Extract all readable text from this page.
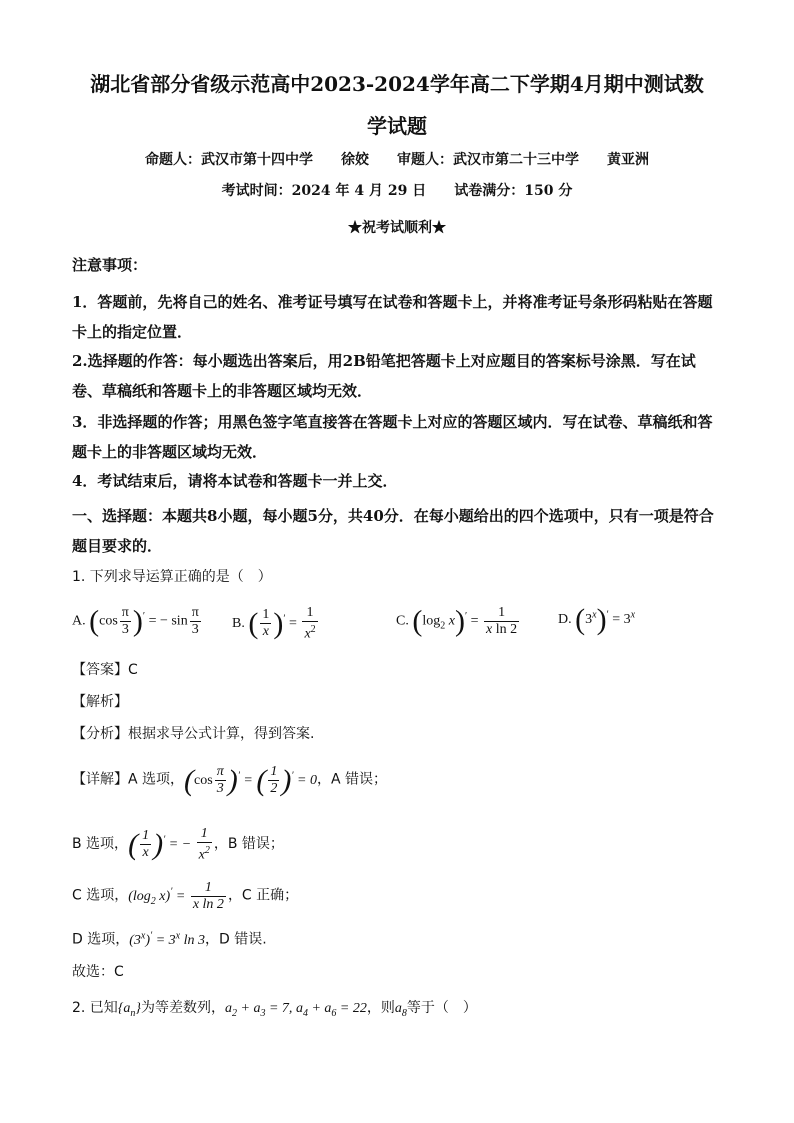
湖北省部分省级示范高中2023-2024学年高二下学期4月期中测试数
学试题
命题人：武汉市第十四中学　　徐姣　　审题人：武汉市第二十三中学　　黄亚洲
考试时间：2024 年 4 月 29 日　　试卷满分：150 分
★祝考试顺利★
注意事项：
1．答题前，先将自己的姓名、准考证号填写在试卷和答题卡上，并将准考证号条形码粘贴在答题卡上的指定位置．
2.选择题的作答：每小题选出答案后，用2B铅笔把答题卡上对应题目的答案标号涂黑．写在试卷、草稿纸和答题卡上的非答题区域均无效．
3．非选择题的作答；用黑色签字笔直接答在答题卡上对应的答题区域内．写在试卷、草稿纸和答题卡上的非答题区域均无效．
4．考试结束后，请将本试卷和答题卡一并上交．
一、选择题：本题共8小题，每小题5分，共40分．在每小题给出的四个选项中，只有一项是符合题目要求的．
1. 下列求导运算正确的是（　）
A. $(\cos \frac{\pi}{3} )'$ = − $\sin \frac{\pi}{3} B$. ( $\frac{1}{x} )' = \frac{1}{x^2}$	C. ($\log_2$ $x)' = \frac{1}{\text{x ln 2}}$	D. $(3^x)' = 3^x$
【答案】C
【解析】
【分析】根据求导公式计算，得到答案.
【详解】A 选项，$(\cos \frac{\pi}{3} )'$ = ( $\frac{1}{2} )' = 0$，A 错误；
B 选项，( $\frac{1}{x} )'$ = − $\frac{1}{x^2}$ ，B 错误；
C 选项，($\log_2$ $x)' = \frac{1}{\text{x ln 2}}$ ，C 正确；
D 选项，$(3^x)' = 3^x$ ln 3，D 错误.
故选：C
2. 已知$\{a_n\}$为等差数列，$a_2 + a_3 = 7$, $a_4 + a_6 = 22$，则$a_8$等于（　）
